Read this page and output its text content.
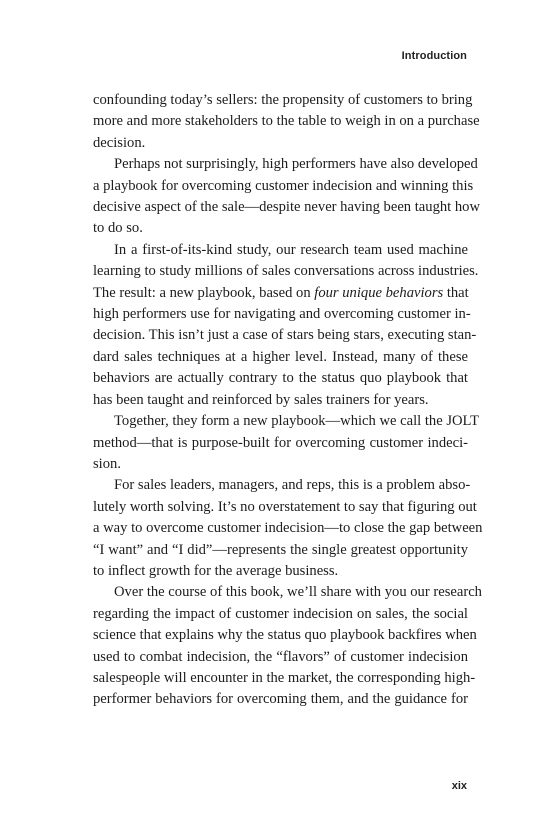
Introduction

confounding today’s sellers: the propensity of customers to bring
more and more stakeholders to the table to weigh in on a purchase
decision.

Perhaps not surprisingly, high performers have also developed
a playbook for overcoming customer indecision and winning this
decisive aspect of the sale—despite never having been taught how
to do so.

In a first-of-its-kind study, our research team used machine
learning to study millions of sales conversations across industries.
The result: a new playbook, based on four unique behaviors that
high performers use for navigating and overcoming customer in-
decision. This isn’t just a case of stars being stars, executing stan-
dard sales techniques at a higher level. Instead, many of these
behaviors are actually contrary to the status quo playbook that
has been taught and reinforced by sales trainers for years.

Together, they form a new playbook—which we call the JOLT
method—that is purpose-built for overcoming customer indeci-
sion.

For sales leaders, managers, and reps, this is a problem abso-
lutely worth solving. It’s no overstatement to say that figuring out
a way to overcome customer indecision—to close the gap between
“I want” and “I did”—represents the single greatest opportunity
to inflect growth for the average business.

Over the course of this book, we’ll share with you our research
regarding the impact of customer indecision on sales, the social
science that explains why the status quo playbook backfires when
used to combat indecision, the “flavors” of customer indecision
salespeople will encounter in the market, the corresponding high-
performer behaviors for overcoming them, and the guidance for

xix
